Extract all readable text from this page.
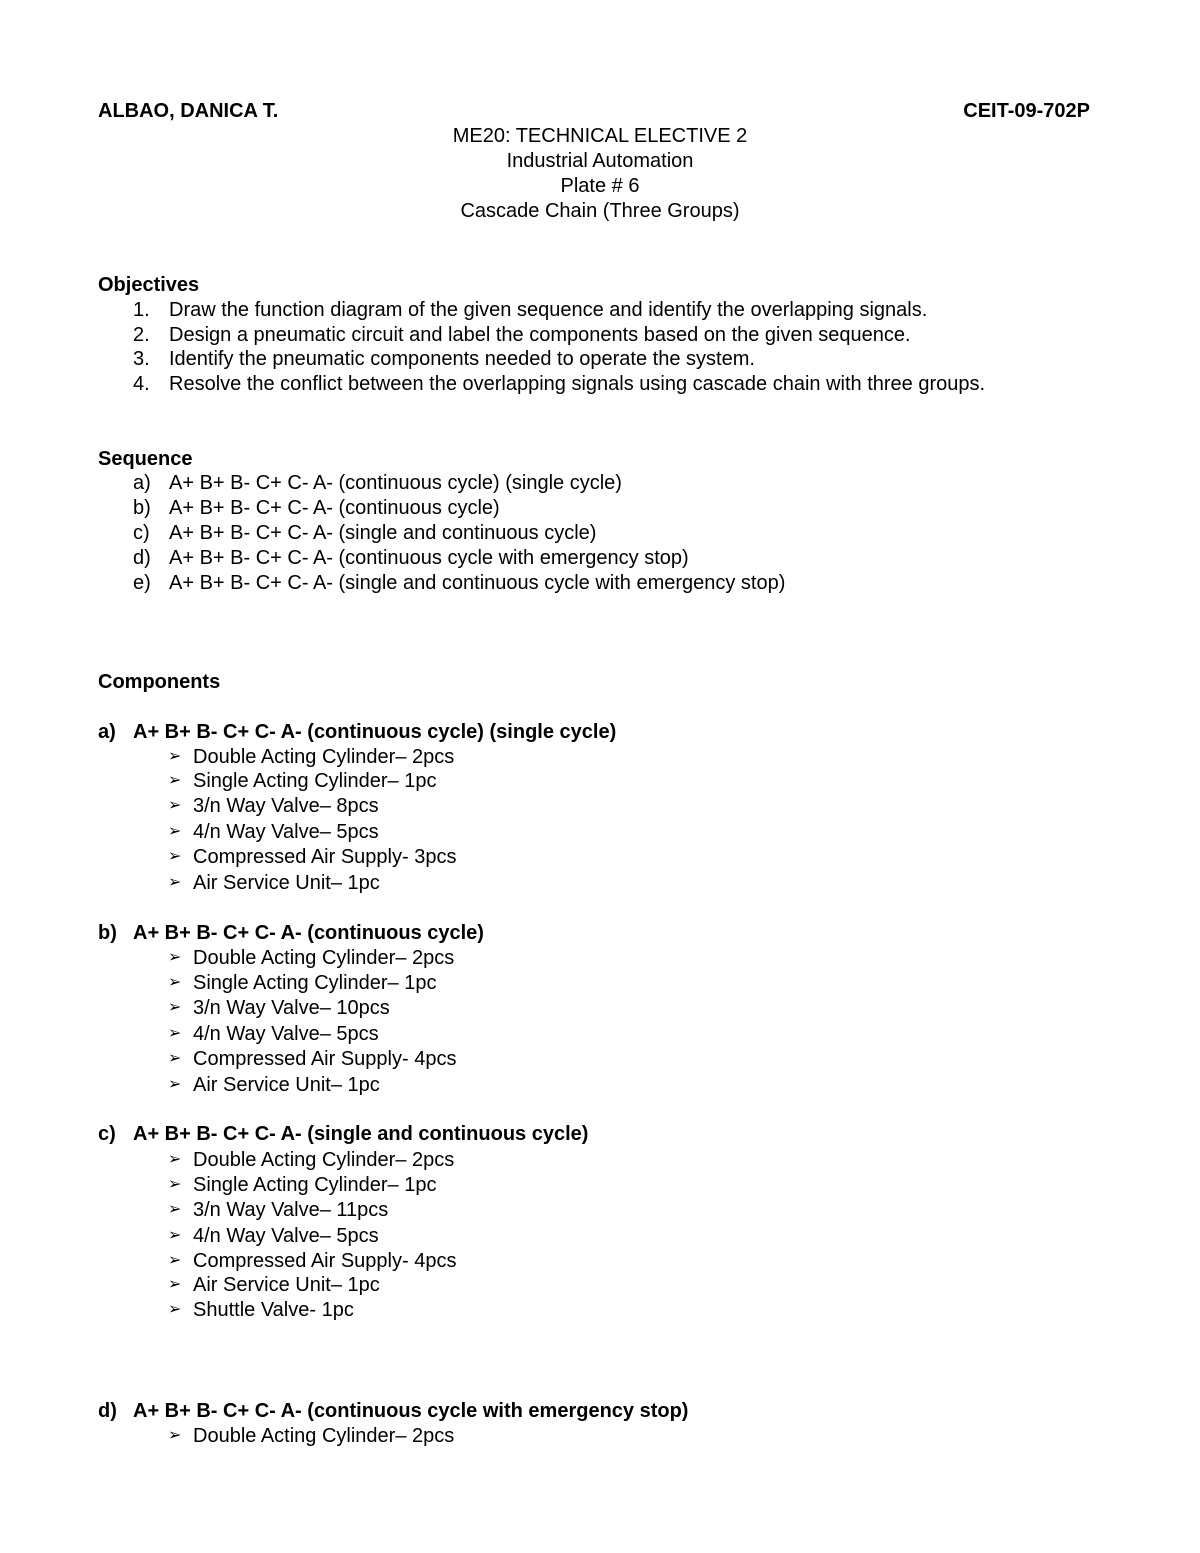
ALBAO, DANICA T.	CEIT-09-702P
ME20: TECHNICAL ELECTIVE 2
Industrial Automation
Plate # 6
Cascade Chain (Three Groups)
Objectives
1. Draw the function diagram of the given sequence and identify the overlapping signals.
2. Design a pneumatic circuit and label the components based on the given sequence.
3. Identify the pneumatic components needed to operate the system.
4. Resolve the conflict between the overlapping signals using cascade chain with three groups.
Sequence
a) A+ B+ B- C+ C- A- (continuous cycle) (single cycle)
b) A+ B+ B- C+ C- A- (continuous cycle)
c) A+ B+ B- C+ C- A- (single and continuous cycle)
d) A+ B+ B- C+ C- A- (continuous cycle with emergency stop)
e) A+ B+ B- C+ C- A- (single and continuous cycle with emergency stop)
Components
a) A+ B+ B- C+ C- A- (continuous cycle) (single cycle)
➢ Double Acting Cylinder– 2pcs
➢ Single Acting Cylinder– 1pc
➢ 3/n Way Valve– 8pcs
➢ 4/n Way Valve– 5pcs
➢ Compressed Air Supply- 3pcs
➢ Air Service Unit– 1pc
b) A+ B+ B- C+ C- A- (continuous cycle)
➢ Double Acting Cylinder– 2pcs
➢ Single Acting Cylinder– 1pc
➢ 3/n Way Valve– 10pcs
➢ 4/n Way Valve– 5pcs
➢ Compressed Air Supply- 4pcs
➢ Air Service Unit– 1pc
c) A+ B+ B- C+ C- A- (single and continuous cycle)
➢ Double Acting Cylinder– 2pcs
➢ Single Acting Cylinder– 1pc
➢ 3/n Way Valve– 11pcs
➢ 4/n Way Valve– 5pcs
➢ Compressed Air Supply- 4pcs
➢ Air Service Unit– 1pc
➢ Shuttle Valve- 1pc
d) A+ B+ B- C+ C- A- (continuous cycle with emergency stop)
➢ Double Acting Cylinder– 2pcs
